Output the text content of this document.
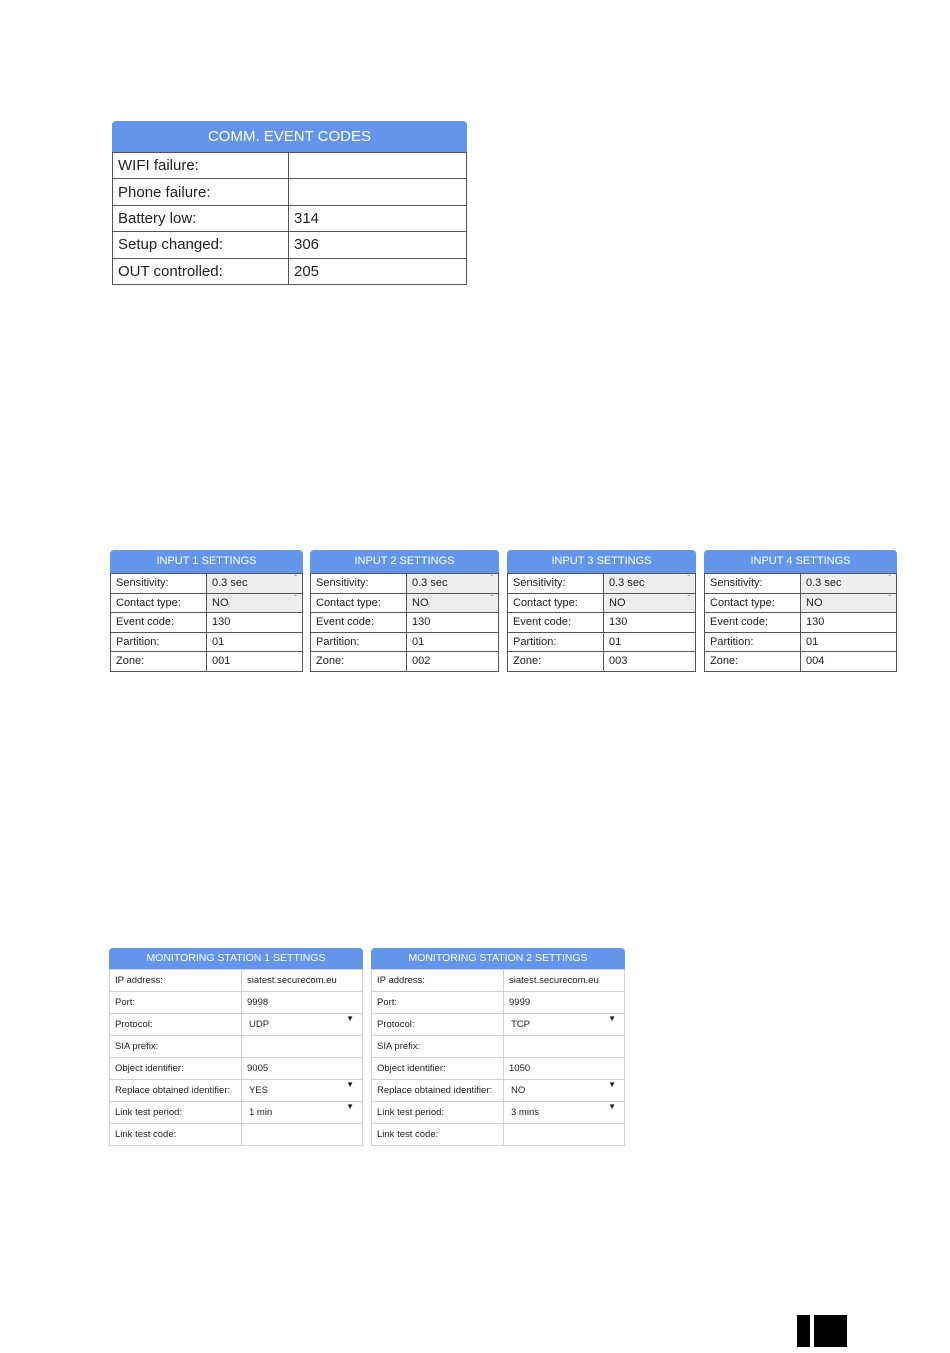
COMM. EVENT CODES
WIFI failure:	
Phone failure:	
Battery low:	314
Setup changed:	306
OUT controlled:	205
INPUT 1 SETTINGS
Sensitivity:	0.3 sec ˇ

Contact type:	NO ˇ

Event code:	130
Partition:	01
Zone:	001
INPUT 2 SETTINGS
Sensitivity:	0.3 sec ˇ

Contact type:	NO ˇ

Event code:	130
Partition:	01
Zone:	002
INPUT 3 SETTINGS
Sensitivity:	0.3 sec ˇ

Contact type:	NO ˇ

Event code:	130
Partition:	01
Zone:	003
INPUT 4 SETTINGS
Sensitivity:	0.3 sec ˇ

Contact type:	NO ˇ

Event code:	130
Partition:	01
Zone:	004
MONITORING STATION 1 SETTINGS
IP address:	siatest.securecom.eu
Port:	9998
Protocol:	UDP
▼

SIA prefix:	
Object identifier:	9005
Replace obtained identifier:	YES
▼

Link test period:	1 min
▼

Link test code:	
MONITORING STATION 2 SETTINGS
IP address:	siatest.securecom.eu
Port:	9999
Protocol:	TCP
▼

SIA prefix:	
Object identifier:	1050
Replace obtained identifier:	NO
▼

Link test period:	3 mins
▼

Link test code:	
